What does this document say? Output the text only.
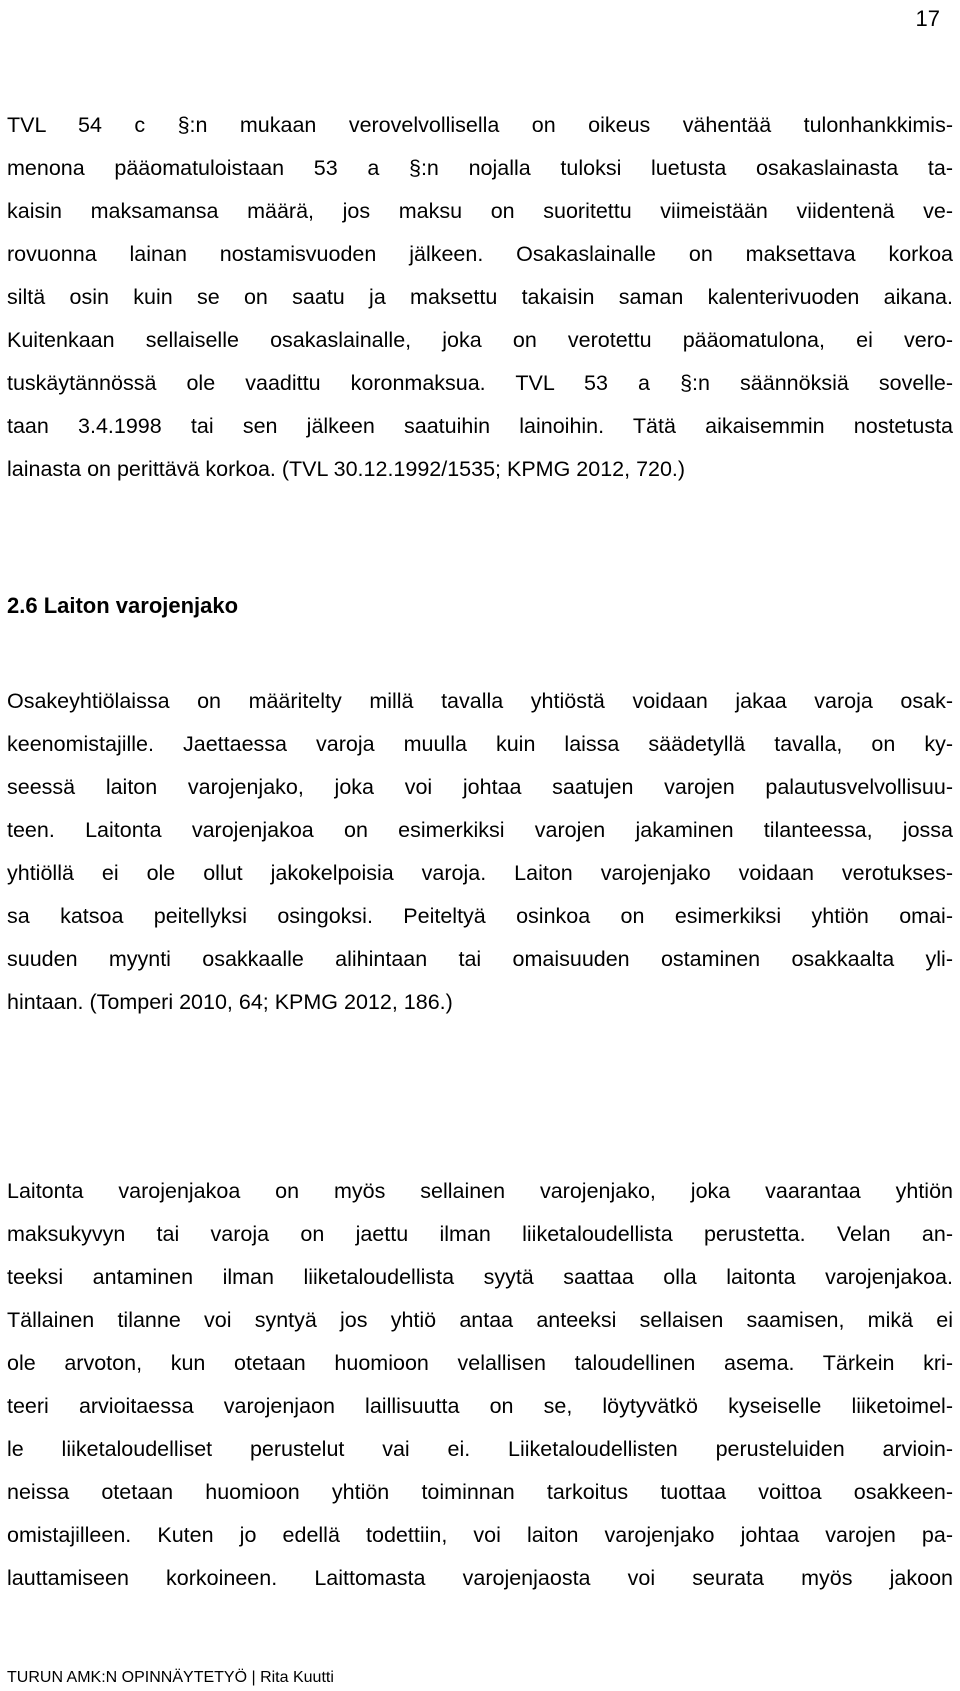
17
TVL 54 c §:n mukaan verovelvollisella on oikeus vähentää tulonhankkimis-
menona pääomatuloistaan 53 a §:n nojalla tuloksi luetusta osakaslainasta ta-
kaisin maksamansa määrä, jos maksu on suoritettu viimeistään viidentenä ve-
rovuonna lainan nostamisvuoden jälkeen. Osakaslainalle on maksettava korkoa
siltä osin kuin se on saatu ja maksettu takaisin saman kalenterivuoden aikana.
Kuitenkaan sellaiselle osakaslainalle, joka on verotettu pääomatulona, ei vero-
tuskäytännössä ole vaadittu koronmaksua. TVL 53 a §:n säännöksiä sovelle-
taan 3.4.1998 tai sen jälkeen saatuihin lainoihin. Tätä aikaisemmin nostetusta
lainasta on perittävä korkoa. (TVL 30.12.1992/1535; KPMG 2012, 720.)
2.6 Laiton varojenjako
Osakeyhtiölaissa on määritelty millä tavalla yhtiöstä voidaan jakaa varoja osak-
keenomistajille. Jaettaessa varoja muulla kuin laissa säädetyllä tavalla, on ky-
seessä laiton varojenjako, joka voi johtaa saatujen varojen palautusvelvollisuu-
teen. Laitonta varojenjakoa on esimerkiksi varojen jakaminen tilanteessa, jossa
yhtiöllä ei ole ollut jakokelpoisia varoja. Laiton varojenjako voidaan verotukses-
sa katsoa peitellyksi osingoksi. Peiteltyä osinkoa on esimerkiksi yhtiön omai-
suuden myynti osakkaalle alihintaan tai omaisuuden ostaminen osakkaalta yli-
hintaan. (Tomperi 2010, 64; KPMG 2012, 186.)
Laitonta varojenjakoa on myös sellainen varojenjako, joka vaarantaa yhtiön
maksukyvyn tai varoja on jaettu ilman liiketaloudellista perustetta. Velan an-
teeksi antaminen ilman liiketaloudellista syytä saattaa olla laitonta varojenjakoa.
Tällainen tilanne voi syntyä jos yhtiö antaa anteeksi sellaisen saamisen, mikä ei
ole arvoton, kun otetaan huomioon velallisen taloudellinen asema. Tärkein kri-
teeri arvioitaessa varojenjaon laillisuutta on se, löytyvätkö kyseiselle liiketoimel-
le liiketaloudelliset perustelut vai ei. Liiketaloudellisten perusteluiden arvioin-
neissa otetaan huomioon yhtiön toiminnan tarkoitus tuottaa voittoa osakkeen-
omistajilleen. Kuten jo edellä todettiin, voi laiton varojenjako johtaa varojen pa-
lauttamiseen korkoineen. Laittomasta varojenjaosta voi seurata myös jakoon
TURUN AMK:N OPINNÄYTETYÖ | Rita Kuutti
